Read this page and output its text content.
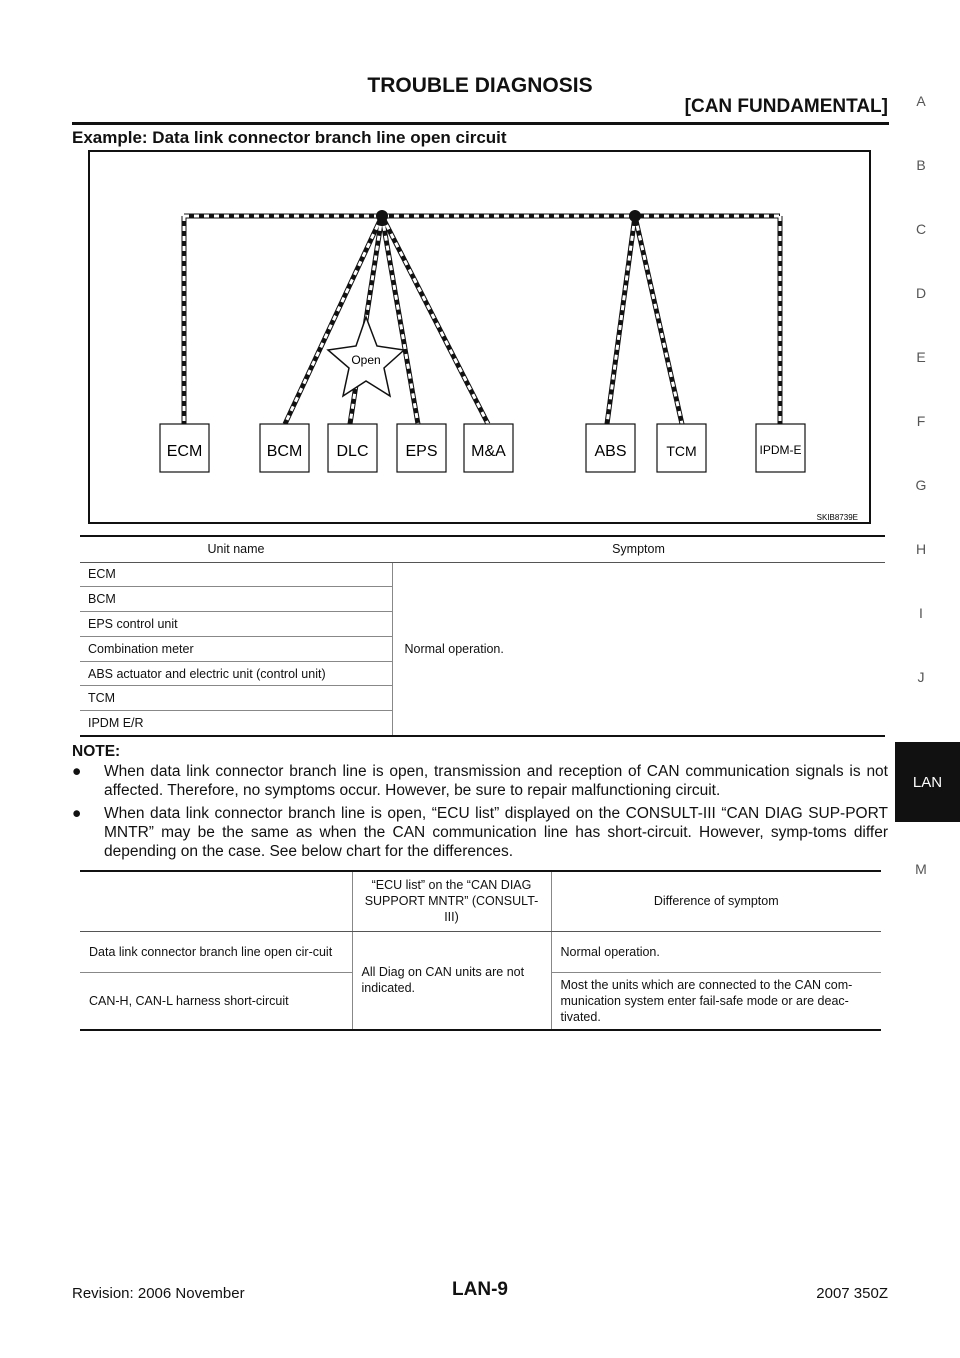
TROUBLE DIAGNOSIS
[CAN FUNDAMENTAL]
Example: Data link connector branch line open circuit
Open
ECM	BCM DLC EPS M&A	ABS	TCM	IPDM-E
SKIB8739E
Unit name	Symptom
ECM	Normal operation.
BCM	
EPS control unit	
Combination meter	
ABS actuator and electric unit (control unit)	
TCM	
IPDM E/R	
NOTE:
●	When data link connector branch line is open, transmission and reception of CAN communication signals is not affected. Therefore, no symptoms occur. However, be sure to repair malfunctioning circuit.
●	When data link connector branch line is open, “ECU list” displayed on the CONSULT-III “CAN DIAG SUP-PORT MNTR” may be the same as when the CAN communication line has short-circuit. However, symp-toms differ depending on the case. See below chart for the differences.
	“ECU list” on the “CAN DIAG SUPPORT MNTR” (CONSULT-III)	Difference of symptom
Data link connector branch line open cir-cuit	All Diag on CAN units are not indicated.	Normal operation.
CAN-H, CAN-L harness short-circuit		Most the units which are connected to the CAN com-munication system enter fail-safe mode or are deac-tivated.
A
B
C
D
E
F
G
H
I
J
M
LAN
Revision: 2006 November	LAN-9	2007 350Z
